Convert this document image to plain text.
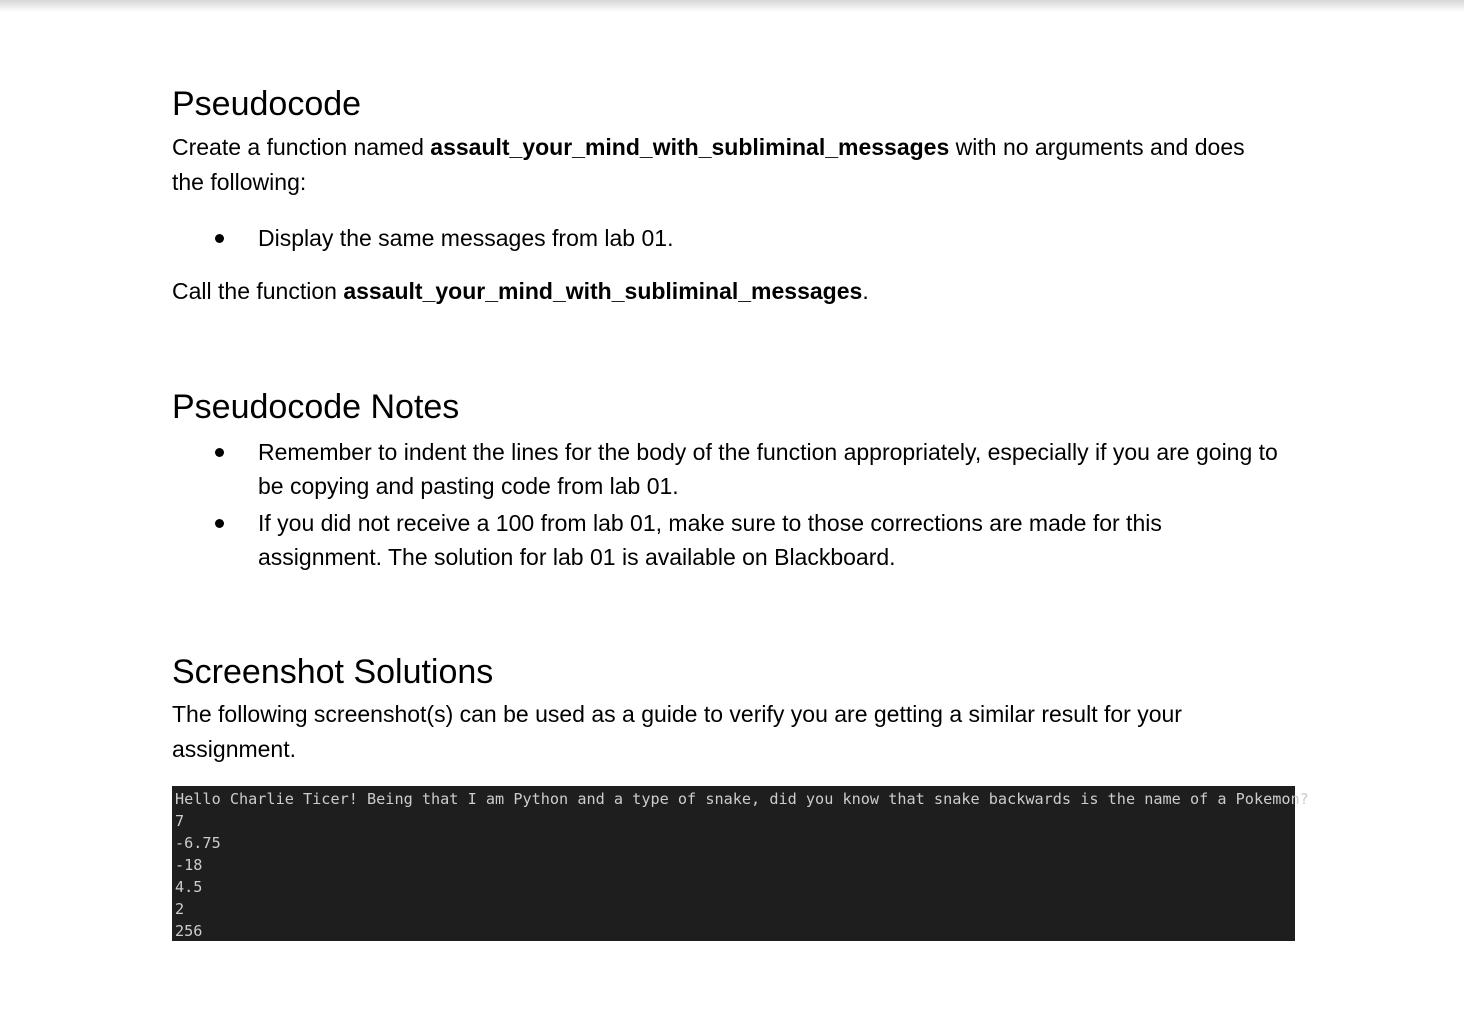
Pseudocode

Create a function named assault_your_mind_with_subliminal_messages with no arguments and does the following:

Display the same messages from lab 01.

Call the function assault_your_mind_with_subliminal_messages.

Pseudocode Notes
Remember to indent the lines for the body of the function appropriately, especially if you are going to be copying and pasting code from lab 01.
If you did not receive a 100 from lab 01, make sure to those corrections are made for this assignment. The solution for lab 01 is available on Blackboard.
Screenshot Solutions

The following screenshot(s) can be used as a guide to verify you are getting a similar result for your assignment.

Hello Charlie Ticer! Being that I am Python and a type of snake, did you know that snake backwards is the name of a Pokemon?
7
-6.75
-18
4.5
2
256
